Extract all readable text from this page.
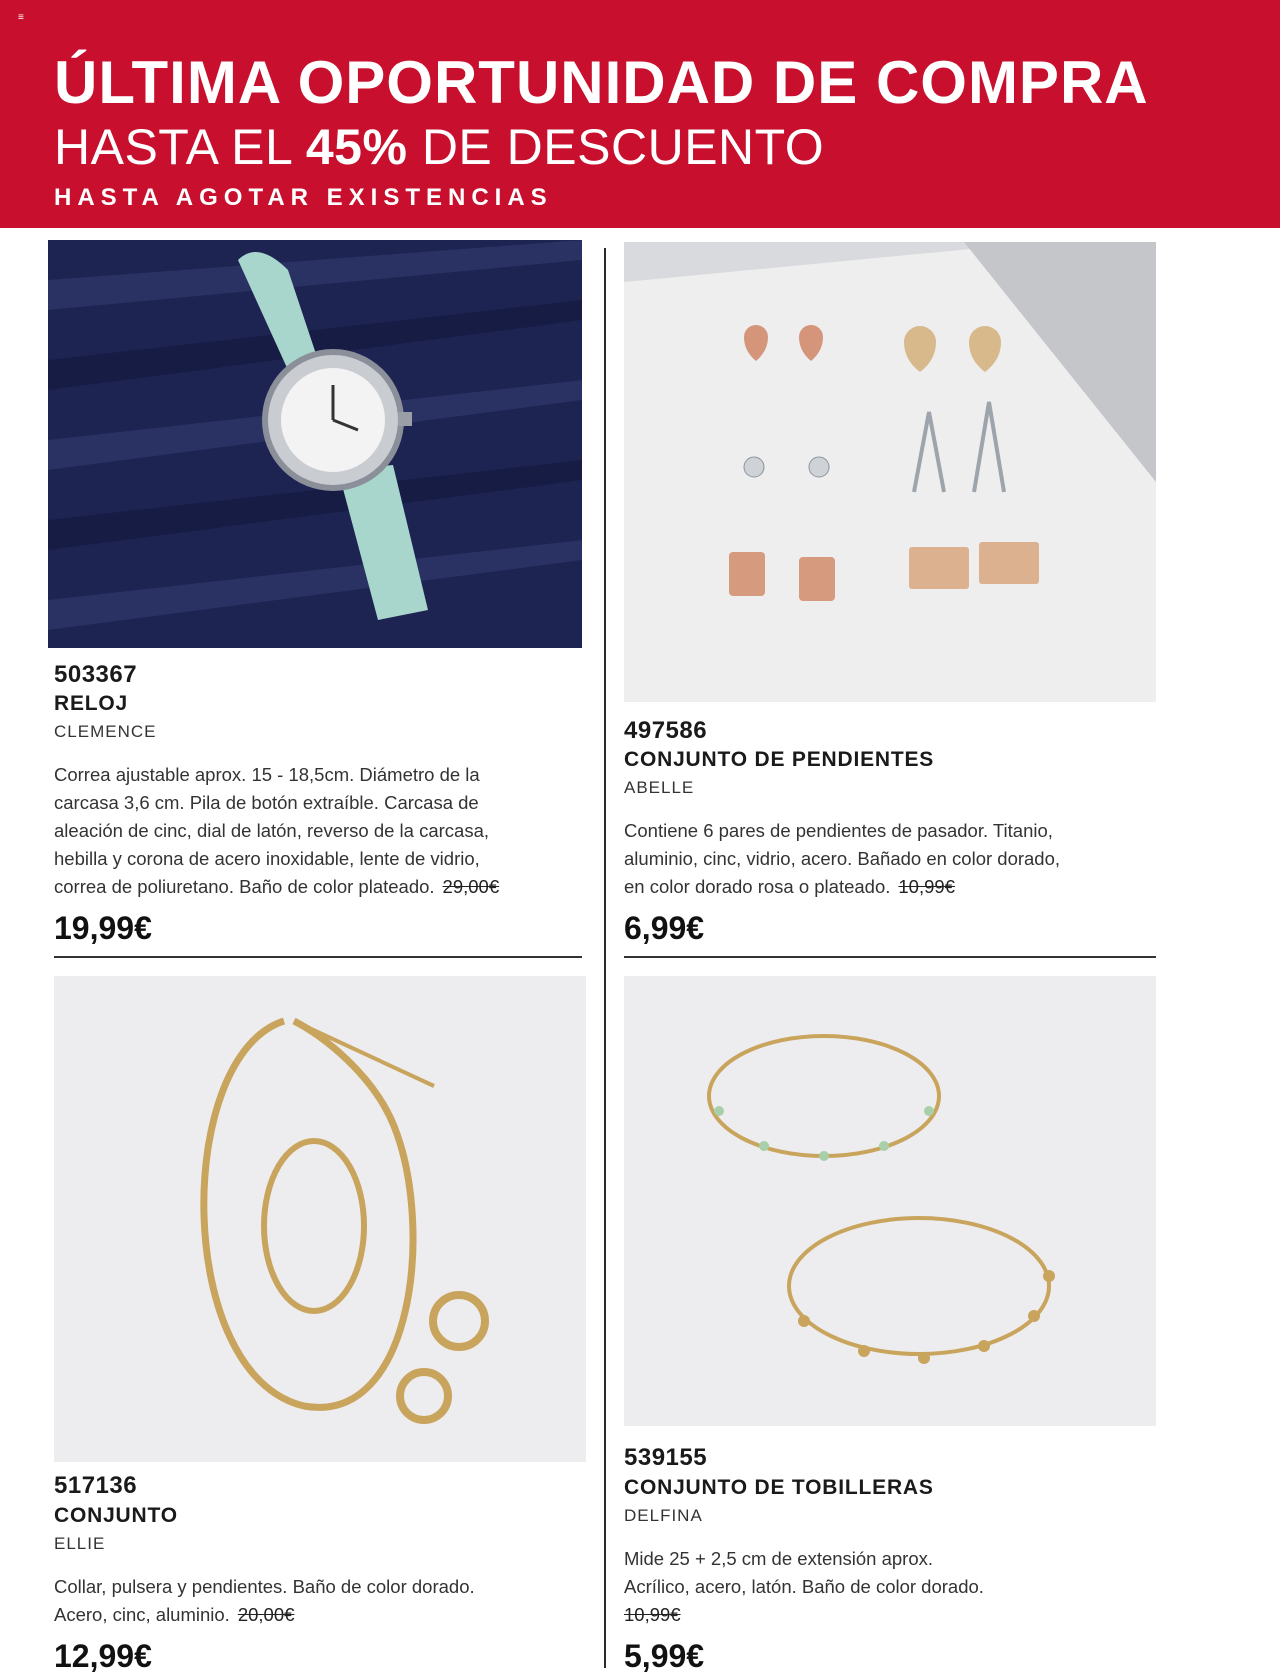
≡
ÚLTIMA OPORTUNIDAD DE COMPRA
HASTA EL 45% DE DESCUENTO
HASTA AGOTAR EXISTENCIAS
503367
RELOJ
CLEMENCE
Correa ajustable aprox. 15 - 18,5cm. Diámetro de la
carcasa 3,6 cm. Pila de botón extraíble. Carcasa de
aleación de cinc, dial de latón, reverso de la carcasa,
hebilla y corona de acero inoxidable, lente de vidrio,
correa de poliuretano. Baño de color plateado. 29,00€
19,99€
497586
CONJUNTO DE PENDIENTES
ABELLE
Contiene 6 pares de pendientes de pasador. Titanio,
aluminio, cinc, vidrio, acero. Bañado en color dorado,
en color dorado rosa o plateado. 10,99€
6,99€
517136
CONJUNTO
ELLIE
Collar, pulsera y pendientes. Baño de color dorado.
Acero, cinc, aluminio. 20,00€
12,99€
539155
CONJUNTO DE TOBILLERAS
DELFINA
Mide 25 + 2,5 cm de extensión aprox.
Acrílico, acero, latón. Baño de color dorado.
10,99€
5,99€
